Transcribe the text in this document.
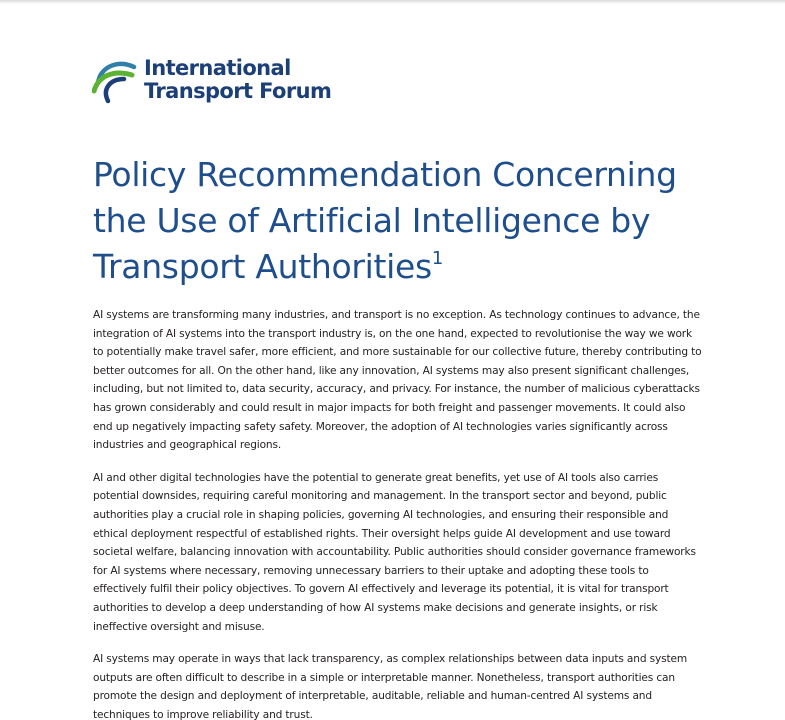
International
Transport Forum
Policy Recommendation Concerning
the Use of Artificial Intelligence by
Transport Authorities$^1$

AI systems are transforming many industries, and transport is no exception. As technology continues to advance, the
integration of AI systems into the transport industry is, on the one hand, expected to revolutionise the way we work
to potentially make travel safer, more efficient, and more sustainable for our collective future, thereby contributing to
better outcomes for all. On the other hand, like any innovation, AI systems may also present significant challenges,
including, but not limited to, data security, accuracy, and privacy. For instance, the number of malicious cyberattacks
has grown considerably and could result in major impacts for both freight and passenger movements. It could also
end up negatively impacting safety safety. Moreover, the adoption of AI technologies varies significantly across
industries and geographical regions.

AI and other digital technologies have the potential to generate great benefits, yet use of AI tools also carries
potential downsides, requiring careful monitoring and management. In the transport sector and beyond, public
authorities play a crucial role in shaping policies, governing AI technologies, and ensuring their responsible and
ethical deployment respectful of established rights. Their oversight helps guide AI development and use toward
societal welfare, balancing innovation with accountability. Public authorities should consider governance frameworks
for AI systems where necessary, removing unnecessary barriers to their uptake and adopting these tools to
effectively fulfil their policy objectives. To govern AI effectively and leverage its potential, it is vital for transport
authorities to develop a deep understanding of how AI systems make decisions and generate insights, or risk
ineffective oversight and misuse.

AI systems may operate in ways that lack transparency, as complex relationships between data inputs and system
outputs are often difficult to describe in a simple or interpretable manner. Nonetheless, transport authorities can
promote the design and deployment of interpretable, auditable, reliable and human-centred AI systems and
techniques to improve reliability and trust.
